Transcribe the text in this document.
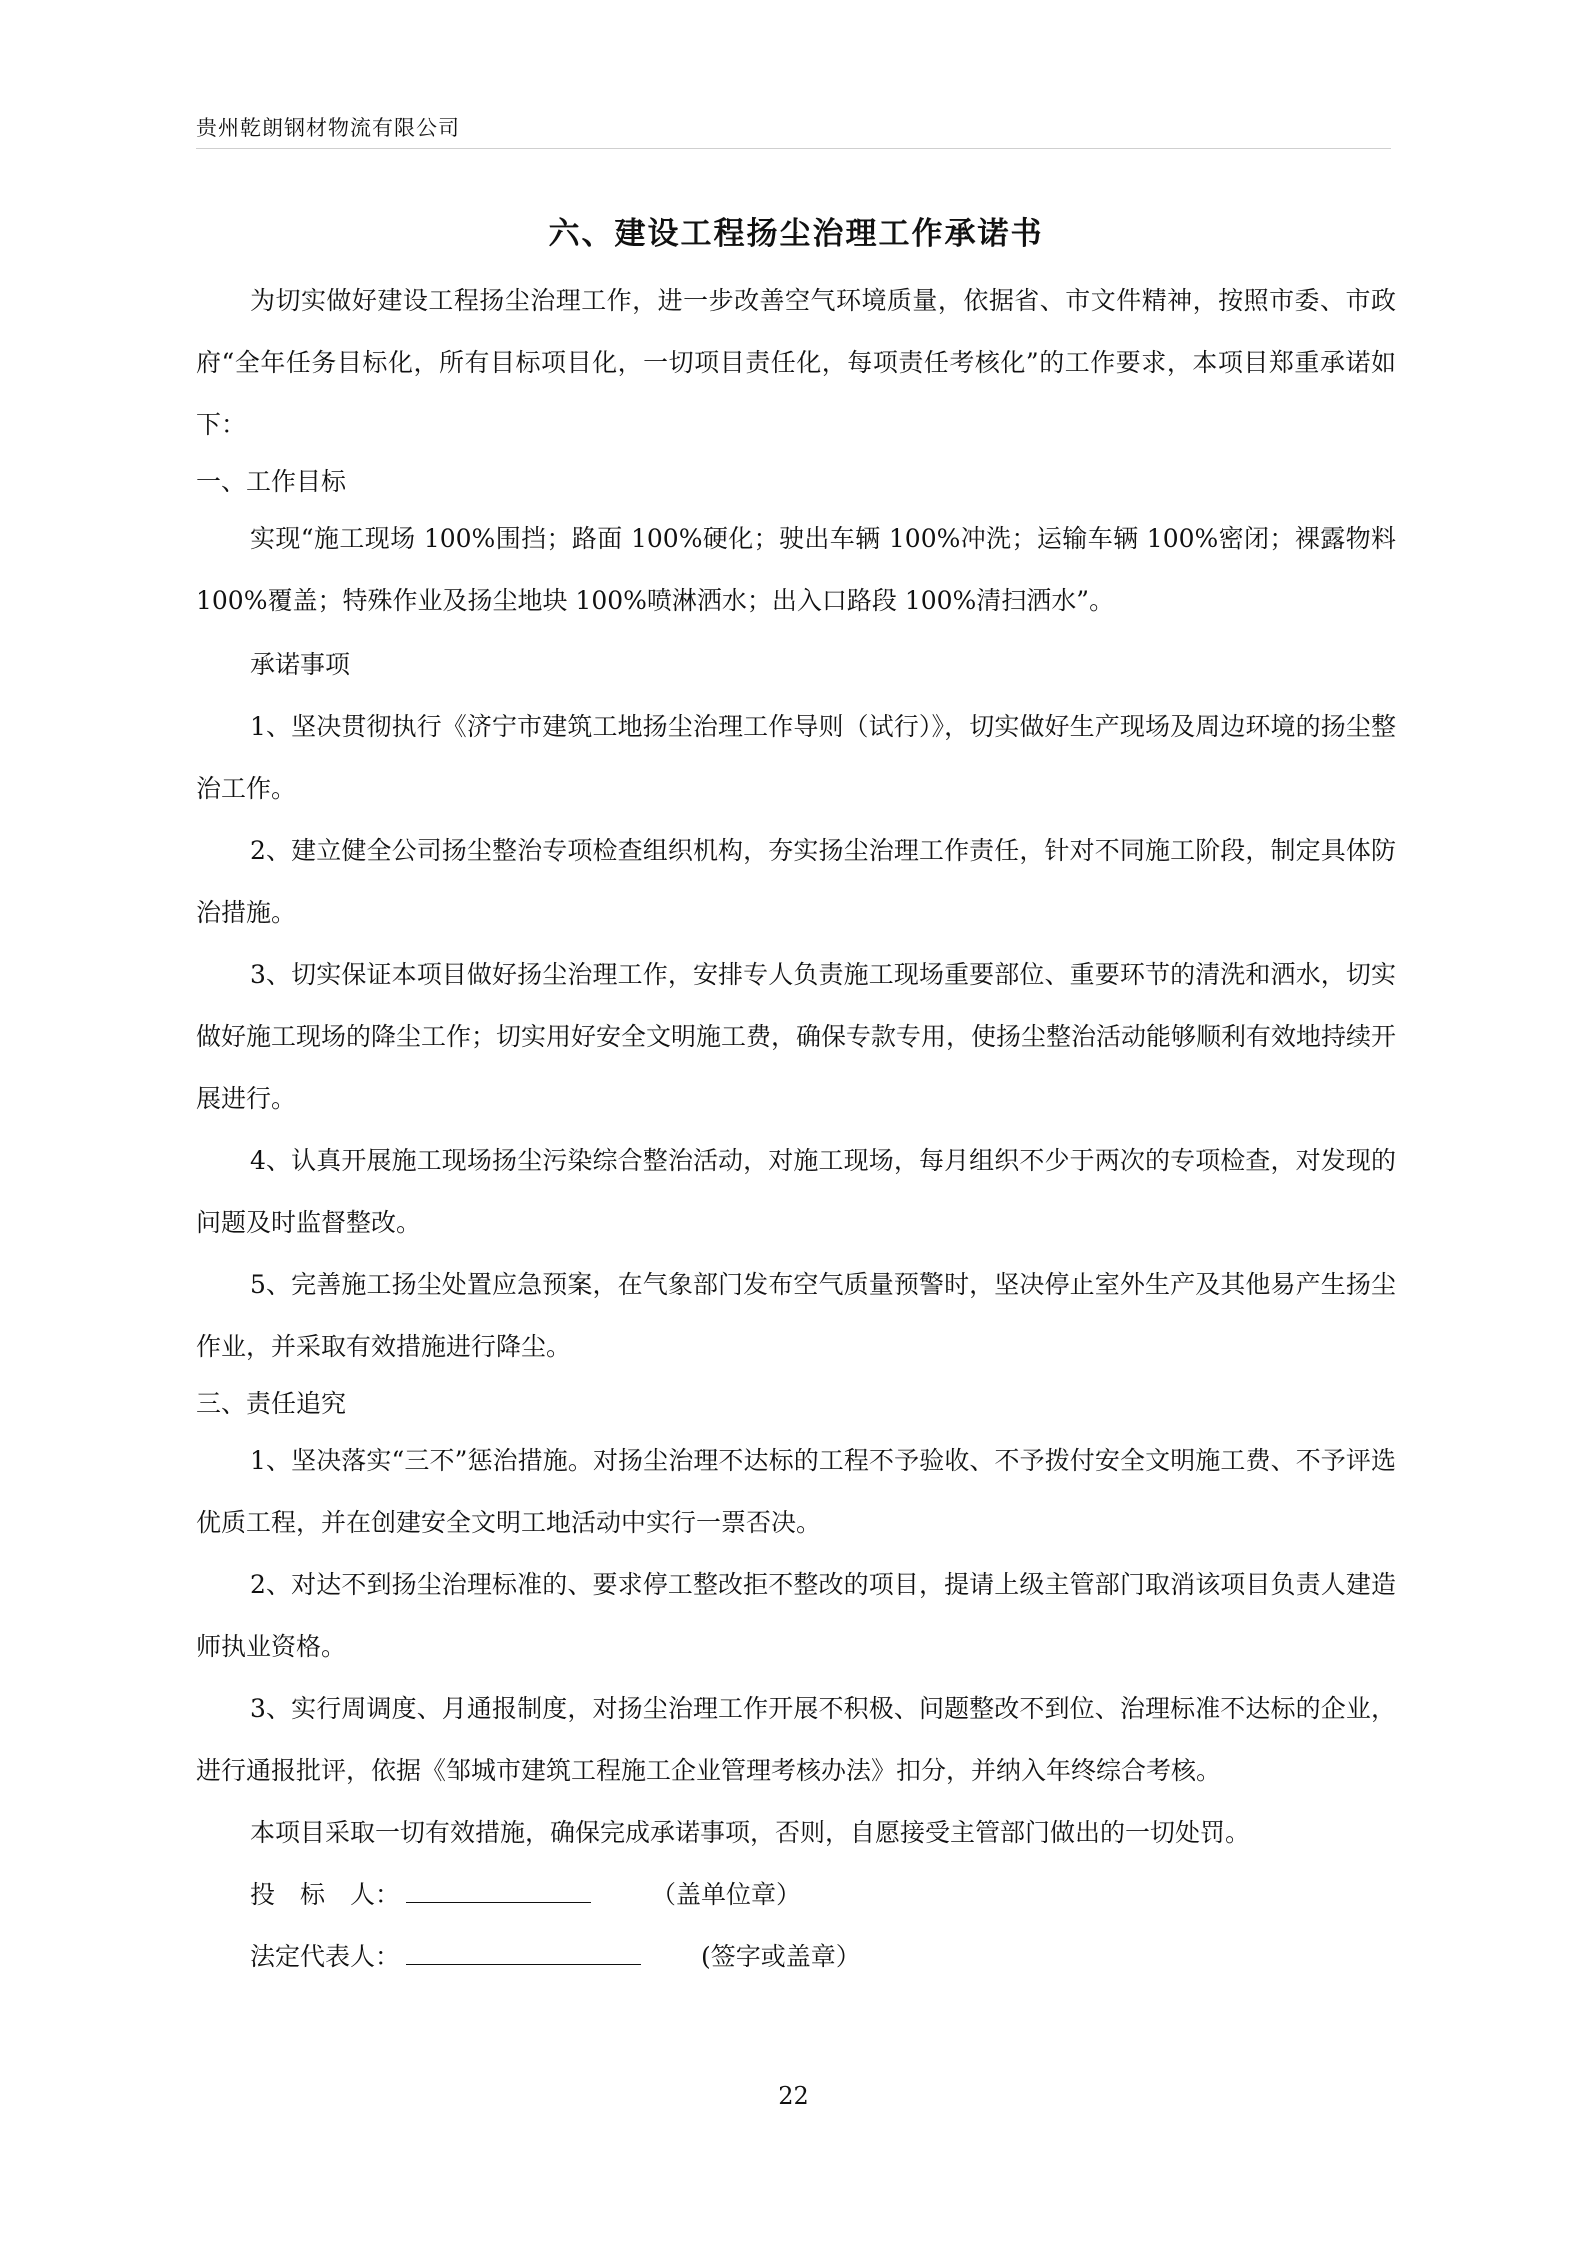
贵州乾朗钢材物流有限公司
六、建设工程扬尘治理工作承诺书

为切实做好建设工程扬尘治理工作，进一步改善空气环境质量，依据省、市文件精神，按照市委、市政府“全年任务目标化，所有目标项目化，一切项目责任化，每项责任考核化”的工作要求，本项目郑重承诺如下：

一、工作目标

实现“施工现场 100%围挡；路面 100%硬化；驶出车辆 100%冲洗；运输车辆 100%密闭；裸露物料 100%覆盖；特殊作业及扬尘地块 100%喷淋洒水；出入口路段 100%清扫洒水”。

承诺事项

1、坚决贯彻执行《济宁市建筑工地扬尘治理工作导则（试行）》，切实做好生产现场及周边环境的扬尘整治工作。

2、建立健全公司扬尘整治专项检查组织机构，夯实扬尘治理工作责任，针对不同施工阶段，制定具体防治措施。

3、切实保证本项目做好扬尘治理工作，安排专人负责施工现场重要部位、重要环节的清洗和洒水，切实做好施工现场的降尘工作；切实用好安全文明施工费，确保专款专用，使扬尘整治活动能够顺利有效地持续开展进行。

4、认真开展施工现场扬尘污染综合整治活动，对施工现场，每月组织不少于两次的专项检查，对发现的问题及时监督整改。

5、完善施工扬尘处置应急预案，在气象部门发布空气质量预警时，坚决停止室外生产及其他易产生扬尘作业，并采取有效措施进行降尘。

三、责任追究

1、坚决落实“三不”惩治措施。对扬尘治理不达标的工程不予验收、不予拨付安全文明施工费、不予评选优质工程，并在创建安全文明工地活动中实行一票否决。

2、对达不到扬尘治理标准的、要求停工整改拒不整改的项目，提请上级主管部门取消该项目负责人建造师执业资格。

3、实行周调度、月通报制度，对扬尘治理工作开展不积极、问题整改不到位、治理标准不达标的企业，进行通报批评，依据《邹城市建筑工程施工企业管理考核办法》扣分，并纳入年终综合考核。

本项目采取一切有效措施，确保完成承诺事项，否则，自愿接受主管部门做出的一切处罚。

投　标　人：	（盖单位章）

法定代表人：	(签字或盖章）

22
